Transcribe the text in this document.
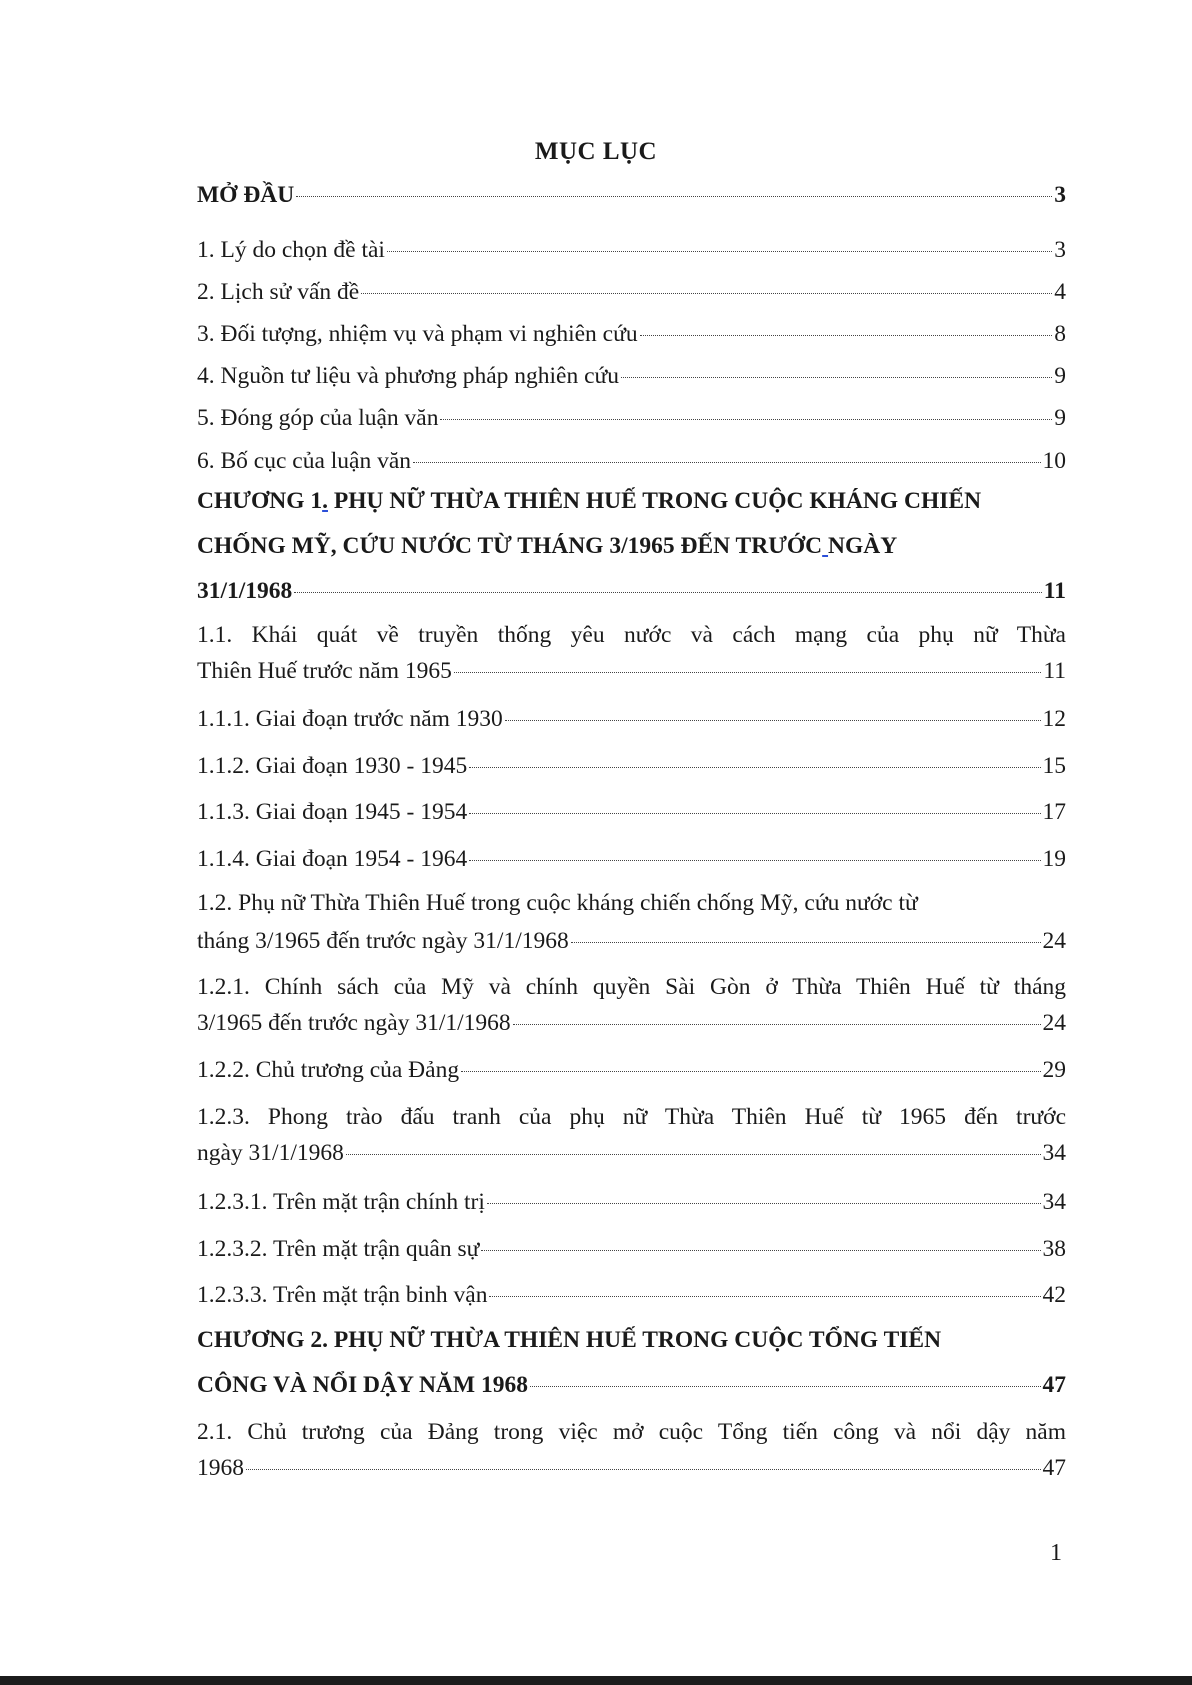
MỤC LỤC
MỞ ĐẦU	3
1. Lý do chọn đề tài	3
2. Lịch sử vấn đề	4
3. Đối tượng, nhiệm vụ và phạm vi nghiên cứu	8
4. Nguồn tư liệu và phương pháp nghiên cứu	9
5. Đóng góp của luận văn	9
6. Bố cục của luận văn	10
CHƯƠNG 1. PHỤ NỮ THỪA THIÊN HUẾ TRONG CUỘC KHÁNG CHIẾN
CHỐNG MỸ, CỨU NƯỚC TỪ THÁNG 3/1965 ĐẾN TRƯỚC NGÀY
31/1/1968	11
1.1. Khái quát về truyền thống yêu nước và cách mạng của phụ nữ Thừa
Thiên Huế trước năm 1965	11
1.1.1. Giai đoạn trước năm 1930	12
1.1.2. Giai đoạn 1930 - 1945	15
1.1.3. Giai đoạn 1945 - 1954	17
1.1.4. Giai đoạn 1954 - 1964	19
1.2. Phụ nữ Thừa Thiên Huế trong cuộc kháng chiến chống Mỹ, cứu nước từ
tháng 3/1965 đến trước ngày 31/1/1968	24
1.2.1. Chính sách của Mỹ và chính quyền Sài Gòn ở Thừa Thiên Huế từ tháng
3/1965 đến trước ngày 31/1/1968	24
1.2.2. Chủ trương của Đảng	29
1.2.3. Phong trào đấu tranh của phụ nữ Thừa Thiên Huế từ 1965 đến trước
ngày 31/1/1968	34
1.2.3.1. Trên mặt trận chính trị	34
1.2.3.2. Trên mặt trận quân sự	38
1.2.3.3. Trên mặt trận binh vận	42
CHƯƠNG 2. PHỤ NỮ THỪA THIÊN HUẾ TRONG CUỘC TỔNG TIẾN
CÔNG VÀ NỔI DẬY NĂM 1968	47
2.1. Chủ trương của Đảng trong việc mở cuộc Tổng tiến công và nổi dậy năm
1968	47
1
